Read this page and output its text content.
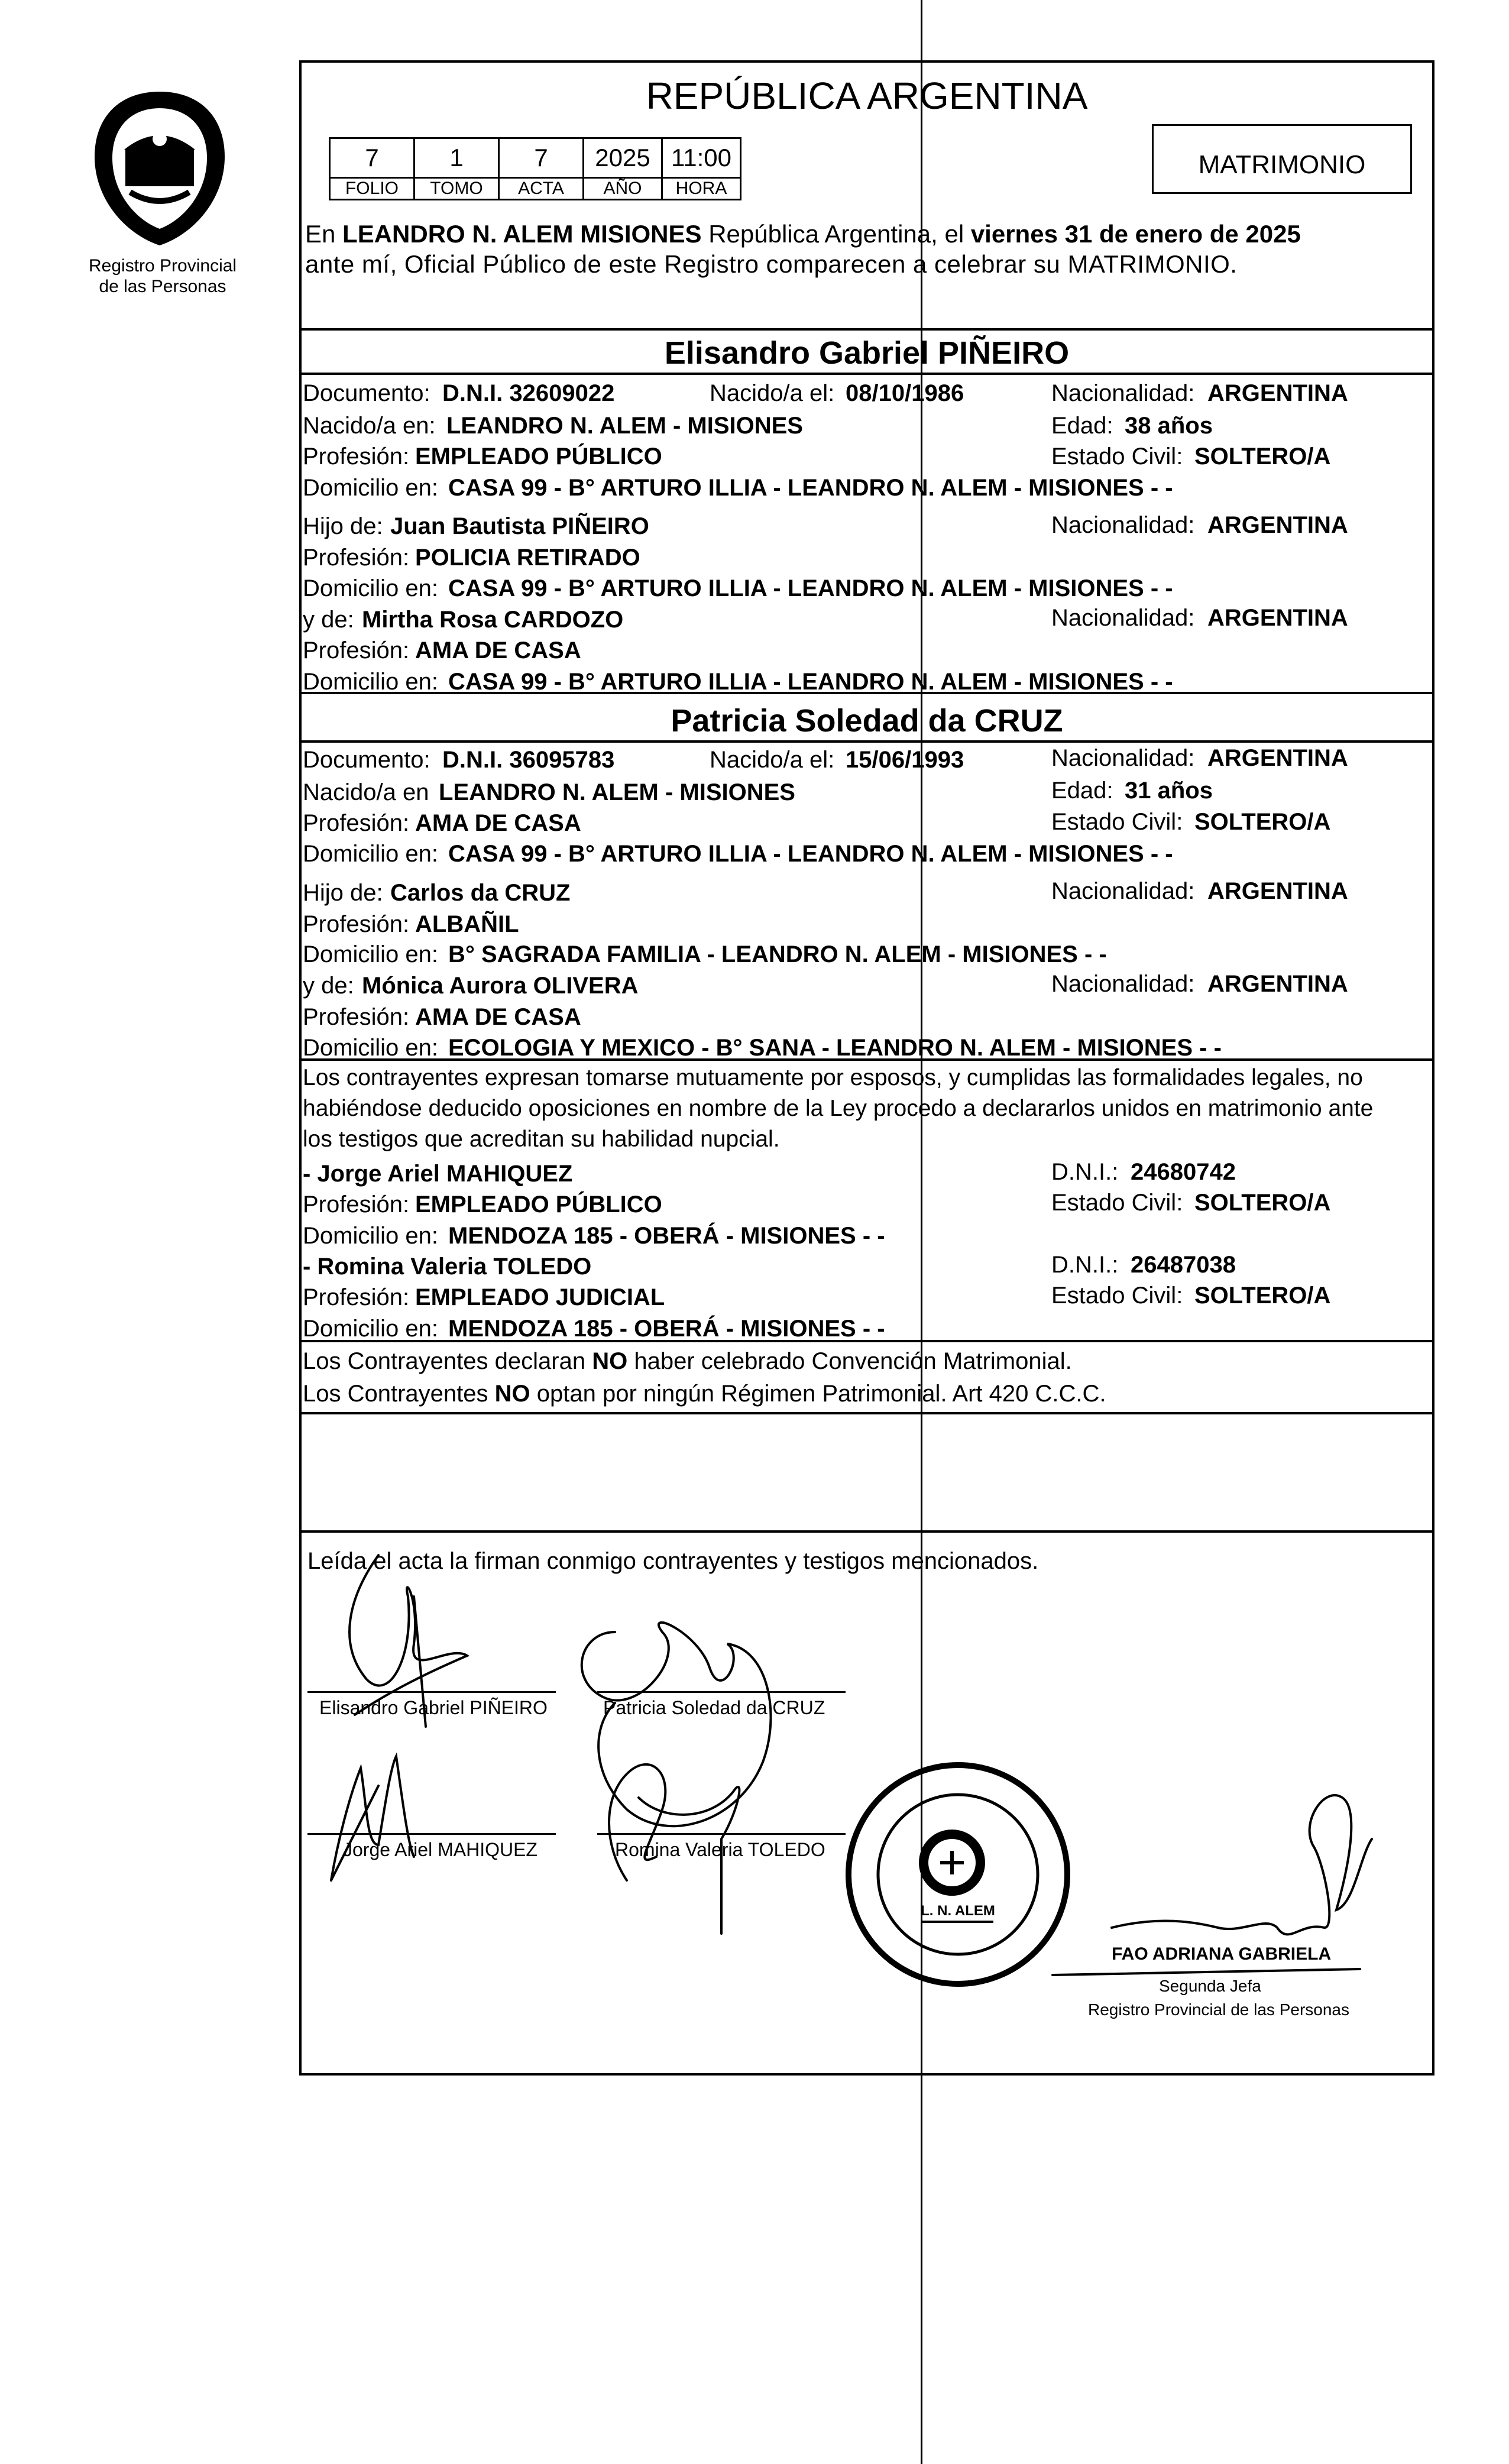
Registro Provincial
de las Personas
REPÚBLICA ARGENTINA
7	1	7	2025	11:00
FOLIO	TOMO	ACTA	AÑO	HORA
MATRIMONIO
En LEANDRO N. ALEM MISIONES República Argentina, el viernes 31 de enero de 2025
ante mí, Oficial Público de este Registro comparecen a celebrar su MATRIMONIO.
Elisandro Gabriel PIÑEIRO
Documento: D.N.I. 32609022	Nacido/a el: 08/10/1986	Nacionalidad: ARGENTINA
Nacido/a en: LEANDRO N. ALEM - MISIONES	Edad: 38 años
Profesión: EMPLEADO PÚBLICO	Estado Civil: SOLTERO/A
Domicilio en: CASA 99 - B° ARTURO ILLIA - LEANDRO N. ALEM - MISIONES - -
Hijo de: Juan Bautista PIÑEIRO	Nacionalidad: ARGENTINA
Profesión: POLICIA RETIRADO
Domicilio en: CASA 99 - B° ARTURO ILLIA - LEANDRO N. ALEM - MISIONES - -
y de: Mirtha Rosa CARDOZO	Nacionalidad: ARGENTINA
Profesión: AMA DE CASA
Domicilio en: CASA 99 - B° ARTURO ILLIA - LEANDRO N. ALEM - MISIONES - -
Patricia Soledad da CRUZ
Documento: D.N.I. 36095783	Nacido/a el: 15/06/1993	Nacionalidad: ARGENTINA
Nacido/a en LEANDRO N. ALEM - MISIONES	Edad: 31 años
Profesión: AMA DE CASA	Estado Civil: SOLTERO/A
Domicilio en: CASA 99 - B° ARTURO ILLIA - LEANDRO N. ALEM - MISIONES - -
Hijo de: Carlos da CRUZ	Nacionalidad: ARGENTINA
Profesión: ALBAÑIL
Domicilio en: B° SAGRADA FAMILIA - LEANDRO N. ALEM - MISIONES - -
y de: Mónica Aurora OLIVERA	Nacionalidad: ARGENTINA
Profesión: AMA DE CASA
Domicilio en: ECOLOGIA Y MEXICO - B° SANA - LEANDRO N. ALEM - MISIONES - -
Los contrayentes expresan tomarse mutuamente por esposos, y cumplidas las formalidades legales, no
habiéndose deducido oposiciones en nombre de la Ley procedo a declararlos unidos en matrimonio ante
los testigos que acreditan su habilidad nupcial.
- Jorge Ariel MAHIQUEZ	D.N.I.: 24680742
Profesión: EMPLEADO PÚBLICO	Estado Civil: SOLTERO/A
Domicilio en: MENDOZA 185 - OBERÁ - MISIONES - -
- Romina Valeria TOLEDO	D.N.I.: 26487038
Profesión: EMPLEADO JUDICIAL	Estado Civil: SOLTERO/A
Domicilio en: MENDOZA 185 - OBERÁ - MISIONES - -
Los Contrayentes declaran NO haber celebrado Convención Matrimonial.
Los Contrayentes NO optan por ningún Régimen Patrimonial. Art 420 C.C.C.
Leída el acta la firman conmigo contrayentes y testigos mencionados.
Elisandro Gabriel PIÑEIRO	Patricia Soledad da CRUZ
Jorge Ariel MAHIQUEZ	Romina Valeria TOLEDO
L. N. ALEM
FAO ADRIANA GABRIELA
Segunda Jefa
Registro Provincial de las Personas
